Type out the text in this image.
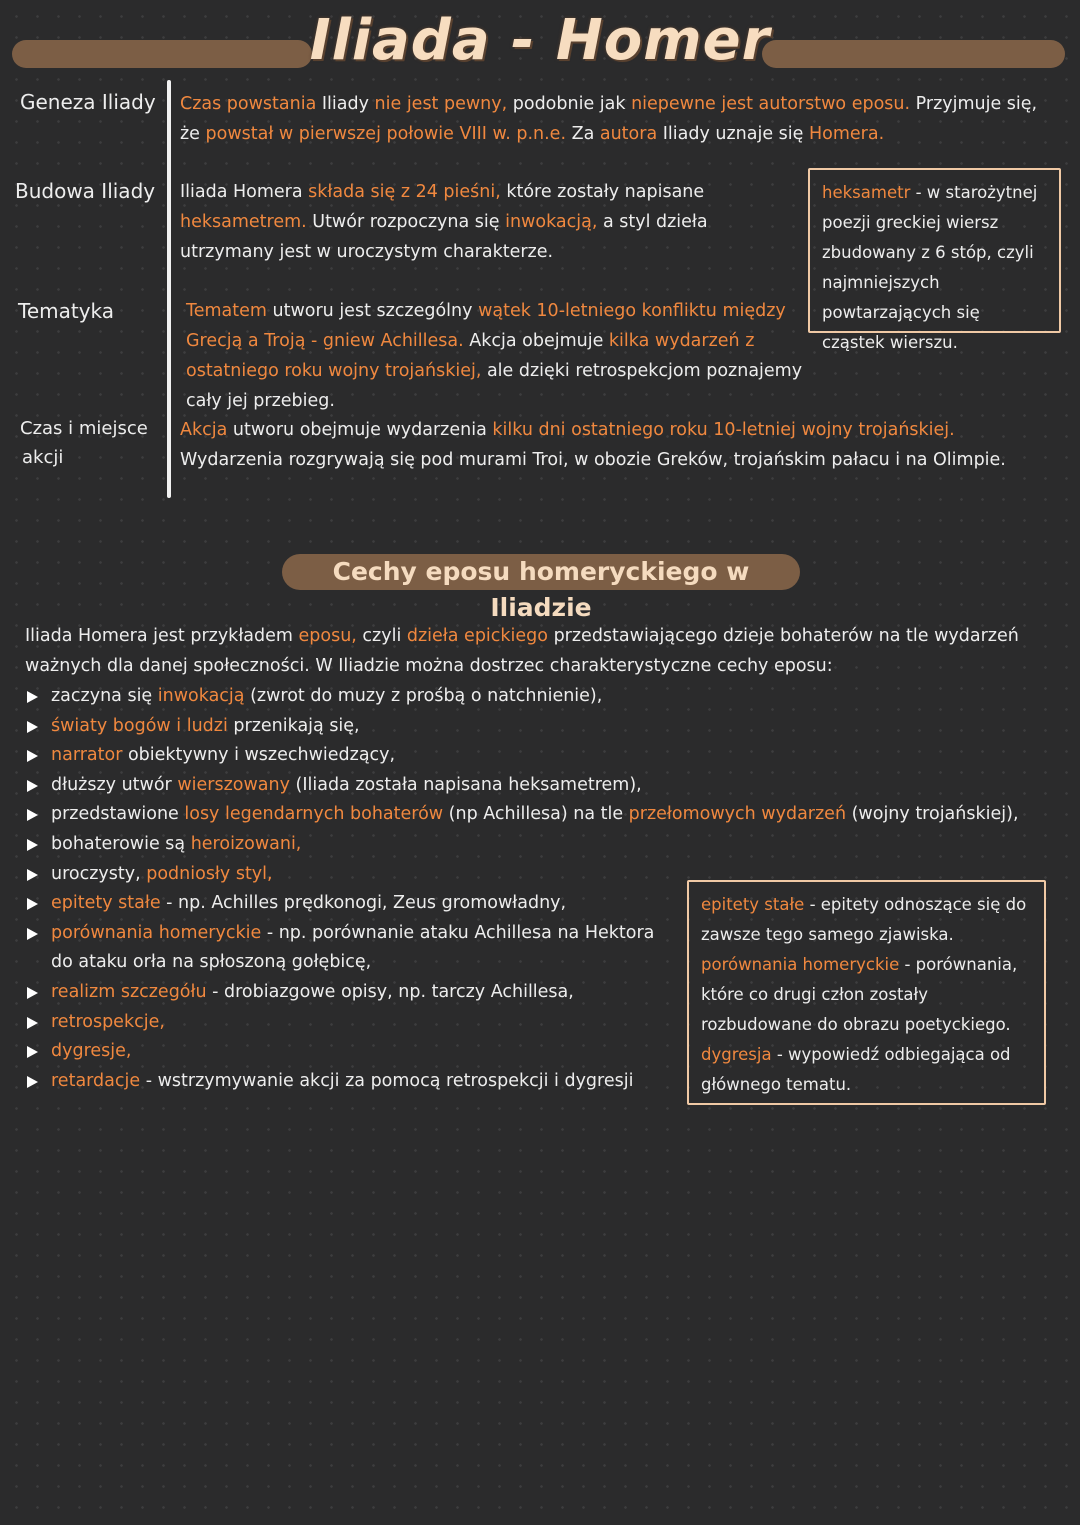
Iliada - Homer
Geneza Iliady Czas powstania Iliady nie jest pewny, podobnie jak niepewne jest autorstwo eposu. Przyjmuje się, że powstał w pierwszej połowie VIII w. p.n.e. Za autora Iliady uznaje się Homera.
Budowa Iliady Iliada Homera składa się z 24 pieśni, które zostały napisane heksametrem. Utwór rozpoczyna się inwokacją, a styl dzieła utrzymany jest w uroczystym charakterze.
heksametr - w starożytnej poezji greckiej wiersz zbudowany z 6 stóp, czyli najmniejszych powtarzających się cząstek wierszu.
Tematyka	Tematem utworu jest szczególny wątek 10-letniego konfliktu między Grecją a Troją - gniew Achillesa. Akcja obejmuje kilka wydarzeń z ostatniego roku wojny trojańskiej, ale dzięki retrospekcjom poznajemy cały jej przebieg.
Czas i miejsce
akcji
Akcja utworu obejmuje wydarzenia kilku dni ostatniego roku 10-letniej wojny trojańskiej. Wydarzenia rozgrywają się pod murami Troi, w obozie Greków, trojańskim pałacu i na Olimpie.
Cechy eposu homeryckiego w Iliadzie
Iliada Homera jest przykładem eposu, czyli dzieła epickiego przedstawiającego dzieje bohaterów na tle wydarzeń ważnych dla danej społeczności. W Iliadzie można dostrzec charakterystyczne cechy eposu:
zaczyna się inwokacją (zwrot do muzy z prośbą o natchnienie),
światy bogów i ludzi przenikają się,
narrator obiektywny i wszechwiedzący,
dłuższy utwór wierszowany (Iliada została napisana heksametrem),
przedstawione losy legendarnych bohaterów (np Achillesa) na tle przełomowych wydarzeń (wojny trojańskiej),
bohaterowie są heroizowani,
uroczysty, podniosły styl,
epitety stałe - np. Achilles prędkonogi, Zeus gromowładny,
porównania homeryckie - np. porównanie ataku Achillesa na Hektora do ataku orła na spłoszoną gołębicę,
realizm szczegółu - drobiazgowe opisy, np. tarczy Achillesa,
retrospekcje,
dygresje,
retardacje - wstrzymywanie akcji za pomocą retrospekcji i dygresji
epitety stałe - epitety odnoszące się do zawsze tego samego zjawiska. porównania homeryckie - porównania, które co drugi człon zostały rozbudowane do obrazu poetyckiego. dygresja - wypowiedź odbiegająca od głównego tematu.
